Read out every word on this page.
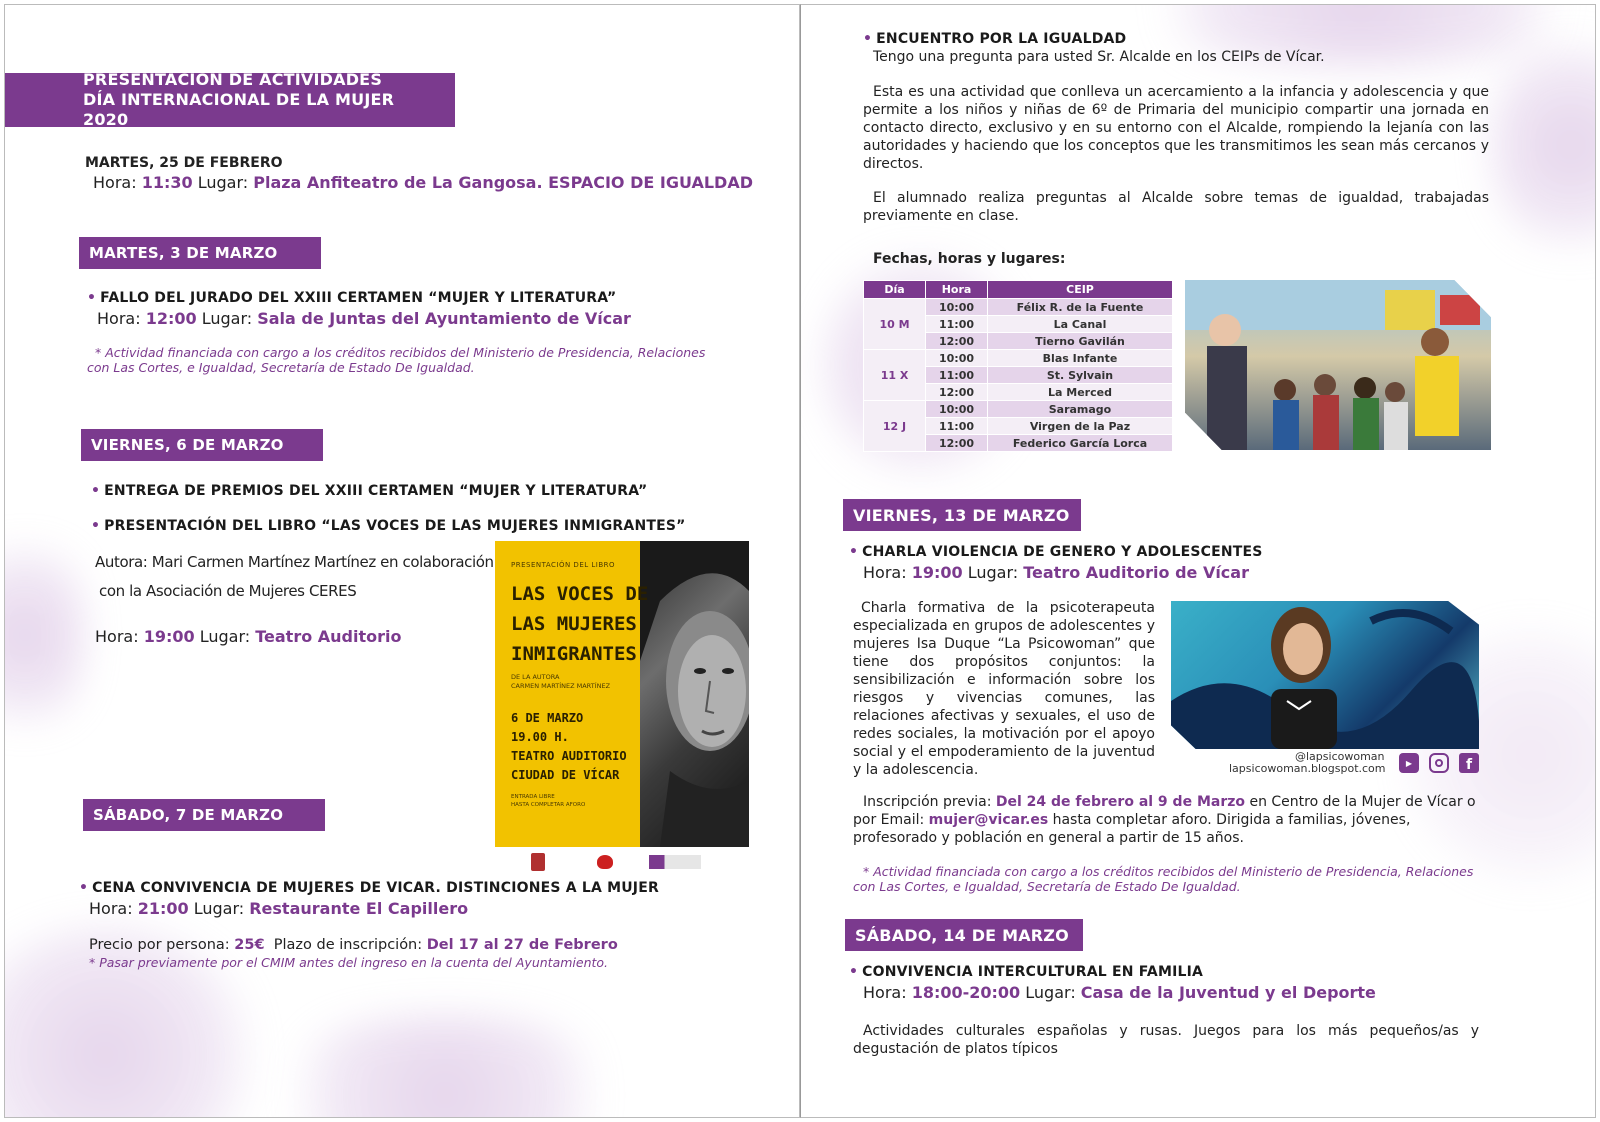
PRESENTACIÓN DE ACTIVIDADES
DÍA INTERNACIONAL DE LA MUJER 2020
MARTES, 25 DE FEBRERO
Hora: 11:30 Lugar: Plaza Anfiteatro de La Gangosa. ESPACIO DE IGUALDAD
MARTES, 3 DE MARZO
• FALLO DEL JURADO DEL XXIII CERTAMEN “MUJER Y LITERATURA”
Hora: 12:00 Lugar: Sala de Juntas del Ayuntamiento de Vícar
* Actividad financiada con cargo a los créditos recibidos del Ministerio de Presidencia, Relaciones
con Las Cortes, e Igualdad, Secretaría de Estado De Igualdad.
VIERNES, 6 DE MARZO
• ENTREGA DE PREMIOS DEL XXIII CERTAMEN “MUJER Y LITERATURA”
• PRESENTACIÓN DEL LIBRO “LAS VOCES DE LAS MUJERES INMIGRANTES”
Autora: Mari Carmen Martínez Martínez en colaboración
con la Asociación de Mujeres CERES
Hora: 19:00 Lugar: Teatro Auditorio
PRESENTACIÓN DEL LIBRO
LAS VOCES DE
LAS MUJERES
INMIGRANTES
DE LA AUTORA
CARMEN MARTÍNEZ MARTÍNEZ
6 DE MARZO
19.00 H.
TEATRO AUDITORIO
CIUDAD DE VÍCAR
ENTRADA LIBRE
HASTA COMPLETAR AFORO
SÁBADO, 7 DE MARZO
• CENA CONVIVENCIA DE MUJERES DE VICAR. DISTINCIONES A LA MUJER
Hora: 21:00 Lugar: Restaurante El Capillero
Precio por persona: 25€ Plazo de inscripción: Del 17 al 27 de Febrero
* Pasar previamente por el CMIM antes del ingreso en la cuenta del Ayuntamiento.
• ENCUENTRO POR LA IGUALDAD
Tengo una pregunta para usted Sr. Alcalde en los CEIPs de Vícar.
Esta es una actividad que conlleva un acercamiento a la infancia y adolescencia y que permite a los niños y niñas de 6º de Primaria del municipio compartir una jornada en contacto directo, exclusivo y en su entorno con el Alcalde, rompiendo la lejanía con las autoridades y haciendo que los conceptos que les transmitimos les sean más cercanos y directos.
El alumnado realiza preguntas al Alcalde sobre temas de igualdad, trabajadas previamente en clase.
Fechas, horas y lugares:
Día	Hora	CEIP
10 M	10:00	Félix R. de la Fuente
	11:00	La Canal
	12:00	Tierno Gavilán
11 X	10:00	Blas Infante
	11:00	St. Sylvain
	12:00	La Merced
12 J	10:00	Saramago
	11:00	Virgen de la Paz
	12:00	Federico García Lorca
VIERNES, 13 DE MARZO
• CHARLA VIOLENCIA DE GENERO Y ADOLESCENTES
Hora: 19:00 Lugar: Teatro Auditorio de Vícar
Charla formativa de la psicoterapeuta especializada en grupos de adolescentes y mujeres Isa Duque “La Psicowoman” que tiene dos propósitos conjuntos: la sensibilización e información sobre los riesgos y vivencias comunes, las relaciones afectivas y sexuales, el uso de redes sociales, la motivación por el apoyo social y el empoderamiento de la juventud y la adolescencia.
@lapsicowoman
lapsicowoman.blogspot.com	▶	f
Inscripción previa: Del 24 de febrero al 9 de Marzo en Centro de la Mujer de Vícar o
por Email: mujer@vicar.es hasta completar aforo. Dirigida a familias, jóvenes,
profesorado y población en general a partir de 15 años.
* Actividad financiada con cargo a los créditos recibidos del Ministerio de Presidencia, Relaciones
con Las Cortes, e Igualdad, Secretaría de Estado De Igualdad.
SÁBADO, 14 DE MARZO
• CONVIVENCIA INTERCULTURAL EN FAMILIA
Hora: 18:00-20:00 Lugar: Casa de la Juventud y el Deporte
Actividades culturales españolas y rusas. Juegos para los más pequeños/as y degustación de platos típicos
